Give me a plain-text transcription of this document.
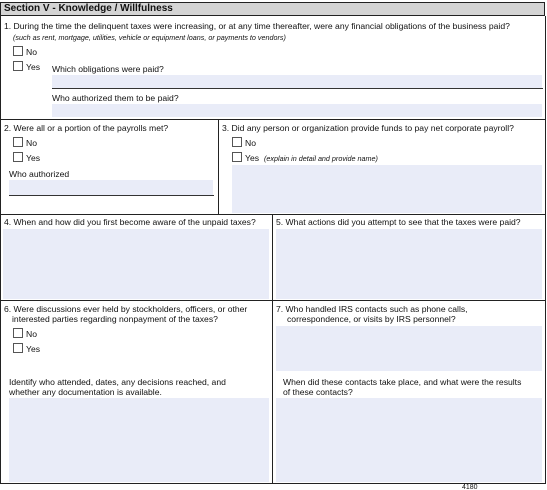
Section V - Knowledge / Willfulness
1. During the time the delinquent taxes were increasing, or at any time thereafter, were any financial obligations of the business paid?
(such as rent, mortgage, utilities, vehicle or equipment loans, or payments to vendors)
No
Yes Which obligations were paid?
Who authorized them to be paid?
2. Were all or a portion of the payrolls met?
No
Yes
Who authorized
3. Did any person or organization provide funds to pay net corporate payroll?
No
Yes (explain in detail and provide name)
4. When and how did you first become aware of the unpaid taxes? 5. What actions did you attempt to see that the taxes were paid?
6. Were discussions ever held by stockholders, officers, or other
interested parties regarding nonpayment of the taxes?
No
Yes
Identify who attended, dates, any decisions reached, and
whether any documentation is available.
7. Who handled IRS contacts such as phone calls,
correspondence, or visits by IRS personnel?
When did these contacts take place, and what were the results
of these contacts?
4180
